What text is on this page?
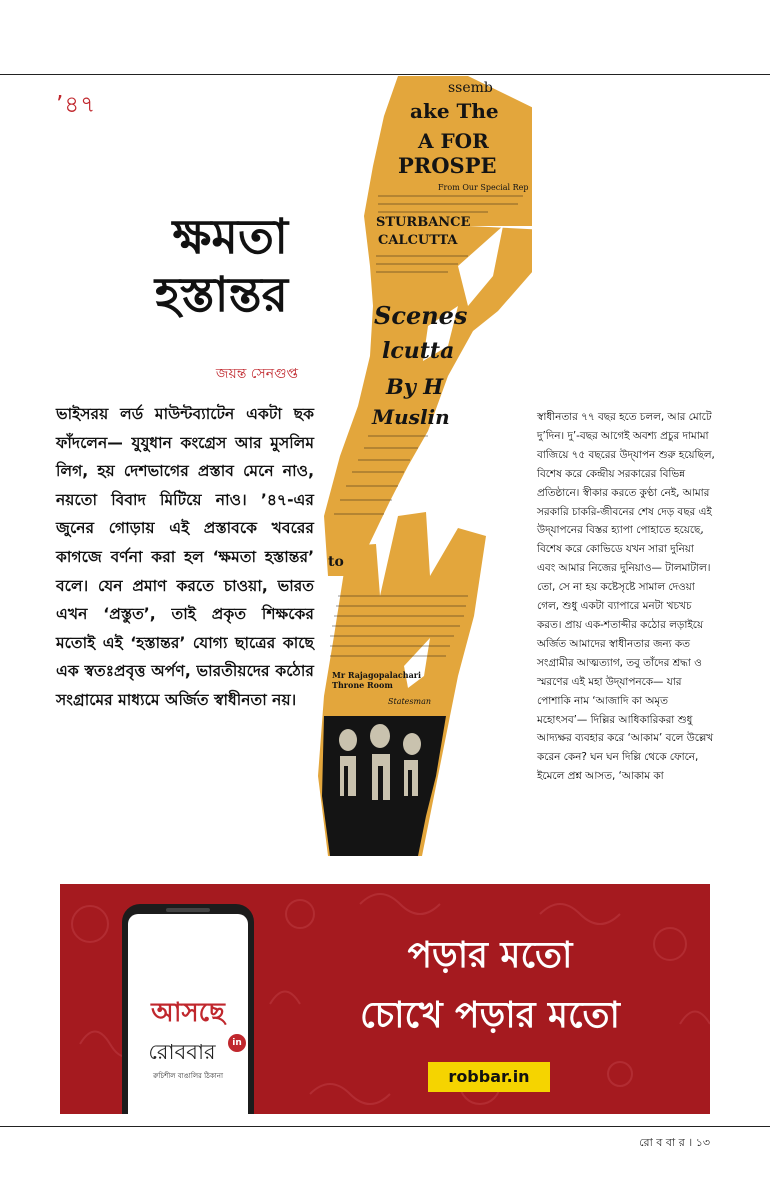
’৪৭
ক্ষমতা
হস্তান্তর
জয়ন্ত সেনগুপ্ত
ভাইসরয় লর্ড মাউন্টব্যাটেন একটা ছক ফাঁদলেন— যুযুধান কংগ্রেস আর মুসলিম লিগ, হয় দেশভাগের প্রস্তাব মেনে নাও, নয়তো বিবাদ মিটিয়ে নাও। ’৪৭-এর জুনের গোড়ায় এই প্রস্তাবকে খবরের কাগজে বর্ণনা করা হল ‘ক্ষমতা হস্তান্তর’ বলে। যেন প্রমাণ করতে চাওয়া, ভারত এখন ‘প্রস্তুত’, তাই প্রকৃত শিক্ষকের মতোই এই ‘হস্তান্তর’ যোগ্য ছাত্রের কাছে এক স্বতঃপ্রবৃত্ত অর্পণ, ভারতীয়দের কঠোর সংগ্রামের মাধ্যমে অর্জিত স্বাধীনতা নয়।
ssemb
ake The
A FOR
PROSPE
From Our Special Rep
STURBANCE
CALCUTTA
Scenes
lcutta
By H
Muslin
to
Mr Rajagopalachari
Throne Room
Statesman
স্বাধীনতার ৭৭ বছর হতে চলল, আর মোটে দু’দিন। দু’-বছর আগেই অবশ্য প্রচুর দামামা বাজিয়ে ৭৫ বছরের উদ্‌যাপন শুরু হয়েছিল, বিশেষ করে কেন্দ্রীয় সরকারের বিভিন্ন প্রতিষ্ঠানে। স্বীকার করতে কুণ্ঠা নেই, আমার সরকারি চাকরি-জীবনের শেষ দেড় বছর এই উদ্‌যাপনের বিস্তর হ্যাপা পোহাতে হয়েছে, বিশেষ করে কোভিডে যখন সারা দুনিয়া এবং আমার নিজের দুনিয়াও— টালমাটাল। তো, সে না হয় কষ্টেসৃষ্টে সামাল দেওয়া গেল, শুধু একটা ব্যাপারে মনটা খচখচ করত। প্রায় এক-শতাব্দীর কঠোর লড়াইয়ে অর্জিত আমাদের স্বাধীনতার জন্য কত সংগ্রামীর আত্মত্যাগ, তবু তাঁদের শ্রদ্ধা ও স্মরণের এই মহা উদ্‌যাপনকে— যার পোশাকি নাম ‘আজাদি কা অমৃত মহোৎসব’— দিল্লির আধিকারিকরা শুধু আদ্যক্ষর ব্যবহার করে ‘আকাম’ বলে উল্লেখ করেন কেন? ঘন ঘন দিল্লি থেকে ফোনে, ইমেলে প্রশ্ন আসত, ‘আকাম কা
আসছে
রোববার	in
রুচিশীল বাঙালির ঠিকানা
পড়ার মতো
চোখে পড়ার মতো
robbar.in
রো ব বা র । ১৩
